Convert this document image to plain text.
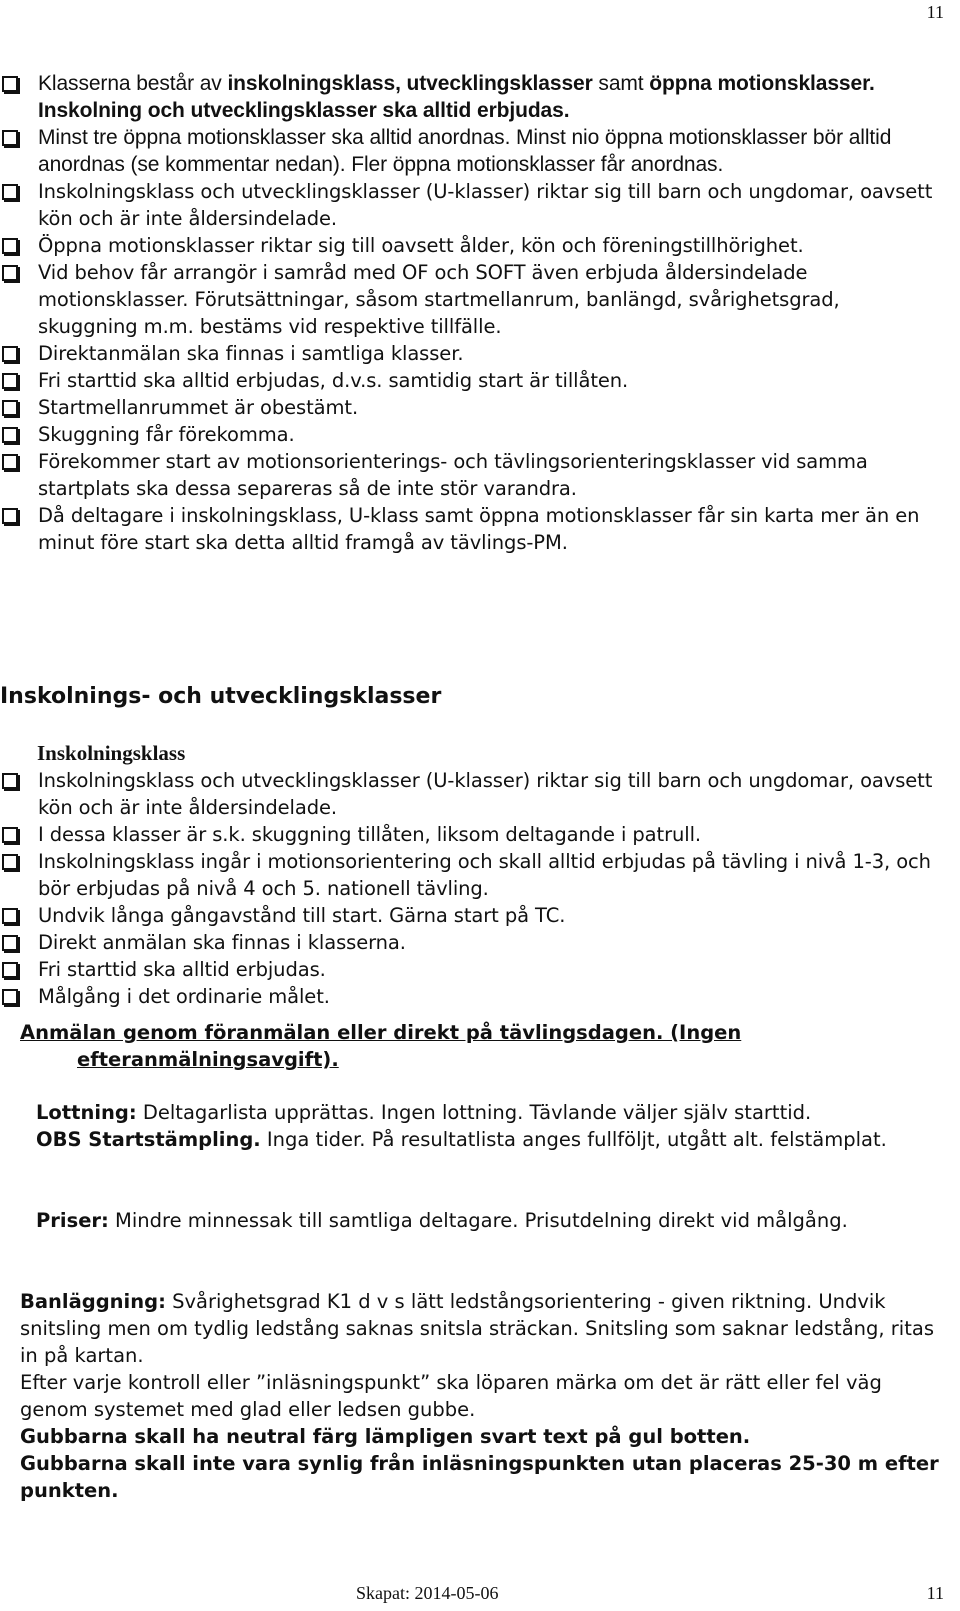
11
Klasserna består av inskolningsklass, utvecklingsklasser samt öppna motionsklasser. Inskolning och utvecklingsklasser ska alltid erbjudas.
Minst tre öppna motionsklasser ska alltid anordnas. Minst nio öppna motionsklasser bör alltid anordnas (se kommentar nedan). Fler öppna motionsklasser får anordnas.
Inskolningsklass och utvecklingsklasser (U-klasser) riktar sig till barn och ungdomar, oavsett kön och är inte åldersindelade.
Öppna motionsklasser riktar sig till oavsett ålder, kön och föreningstillhörighet.
Vid behov får arrangör i samråd med OF och SOFT även erbjuda åldersindelade motionsklasser. Förutsättningar, såsom startmellanrum, banlängd, svårighetsgrad, skuggning m.m. bestäms vid respektive tillfälle.
Direktanmälan ska finnas i samtliga klasser.
Fri starttid ska alltid erbjudas, d.v.s. samtidig start är tillåten.
Startmellanrummet är obestämt.
Skuggning får förekomma.
Förekommer start av motionsorienterings- och tävlingsorienteringsklasser vid samma startplats ska dessa separeras så de inte stör varandra.
Då deltagare i inskolningsklass, U-klass samt öppna motionsklasser får sin karta mer än en minut före start ska detta alltid framgå av tävlings-PM.
Inskolnings- och utvecklingsklasser
Inskolningsklass
Inskolningsklass och utvecklingsklasser (U-klasser) riktar sig till barn och ungdomar, oavsett kön och är inte åldersindelade.
I dessa klasser är s.k. skuggning tillåten, liksom deltagande i patrull.
Inskolningsklass ingår i motionsorientering och skall alltid erbjudas på tävling i nivå 1-3, och bör erbjudas på nivå 4 och 5. nationell tävling.
Undvik långa gångavstånd till start. Gärna start på TC.
Direkt anmälan ska finnas i klasserna.
Fri starttid ska alltid erbjudas.
Målgång i det ordinarie målet.

Anmälan genom föranmälan eller direkt på tävlingsdagen. (Ingen efteranmälningsavgift).

Lottning: Deltagarlista upprättas. Ingen lottning. Tävlande väljer själv starttid.

OBS Startstämpling. Inga tider. På resultatlista anges fullföljt, utgått alt. felstämplat.

Priser: Mindre minnessak till samtliga deltagare. Prisutdelning direkt vid målgång.

Banläggning: Svårighetsgrad K1 d v s lätt ledstångsorientering - given riktning. Undvik snitsling men om tydlig ledstång saknas snitsla sträckan. Snitsling som saknar ledstång, ritas in på kartan.
Efter varje kontroll eller ”inläsningspunkt” ska löparen märka om det är rätt eller fel väg genom systemet med glad eller ledsen gubbe.
Gubbarna skall ha neutral färg lämpligen svart text på gul botten.
Gubbarna skall inte vara synlig från inläsningspunkten utan placeras 25-30 m efter punkten.

Skapat: 2014-05-06	11
